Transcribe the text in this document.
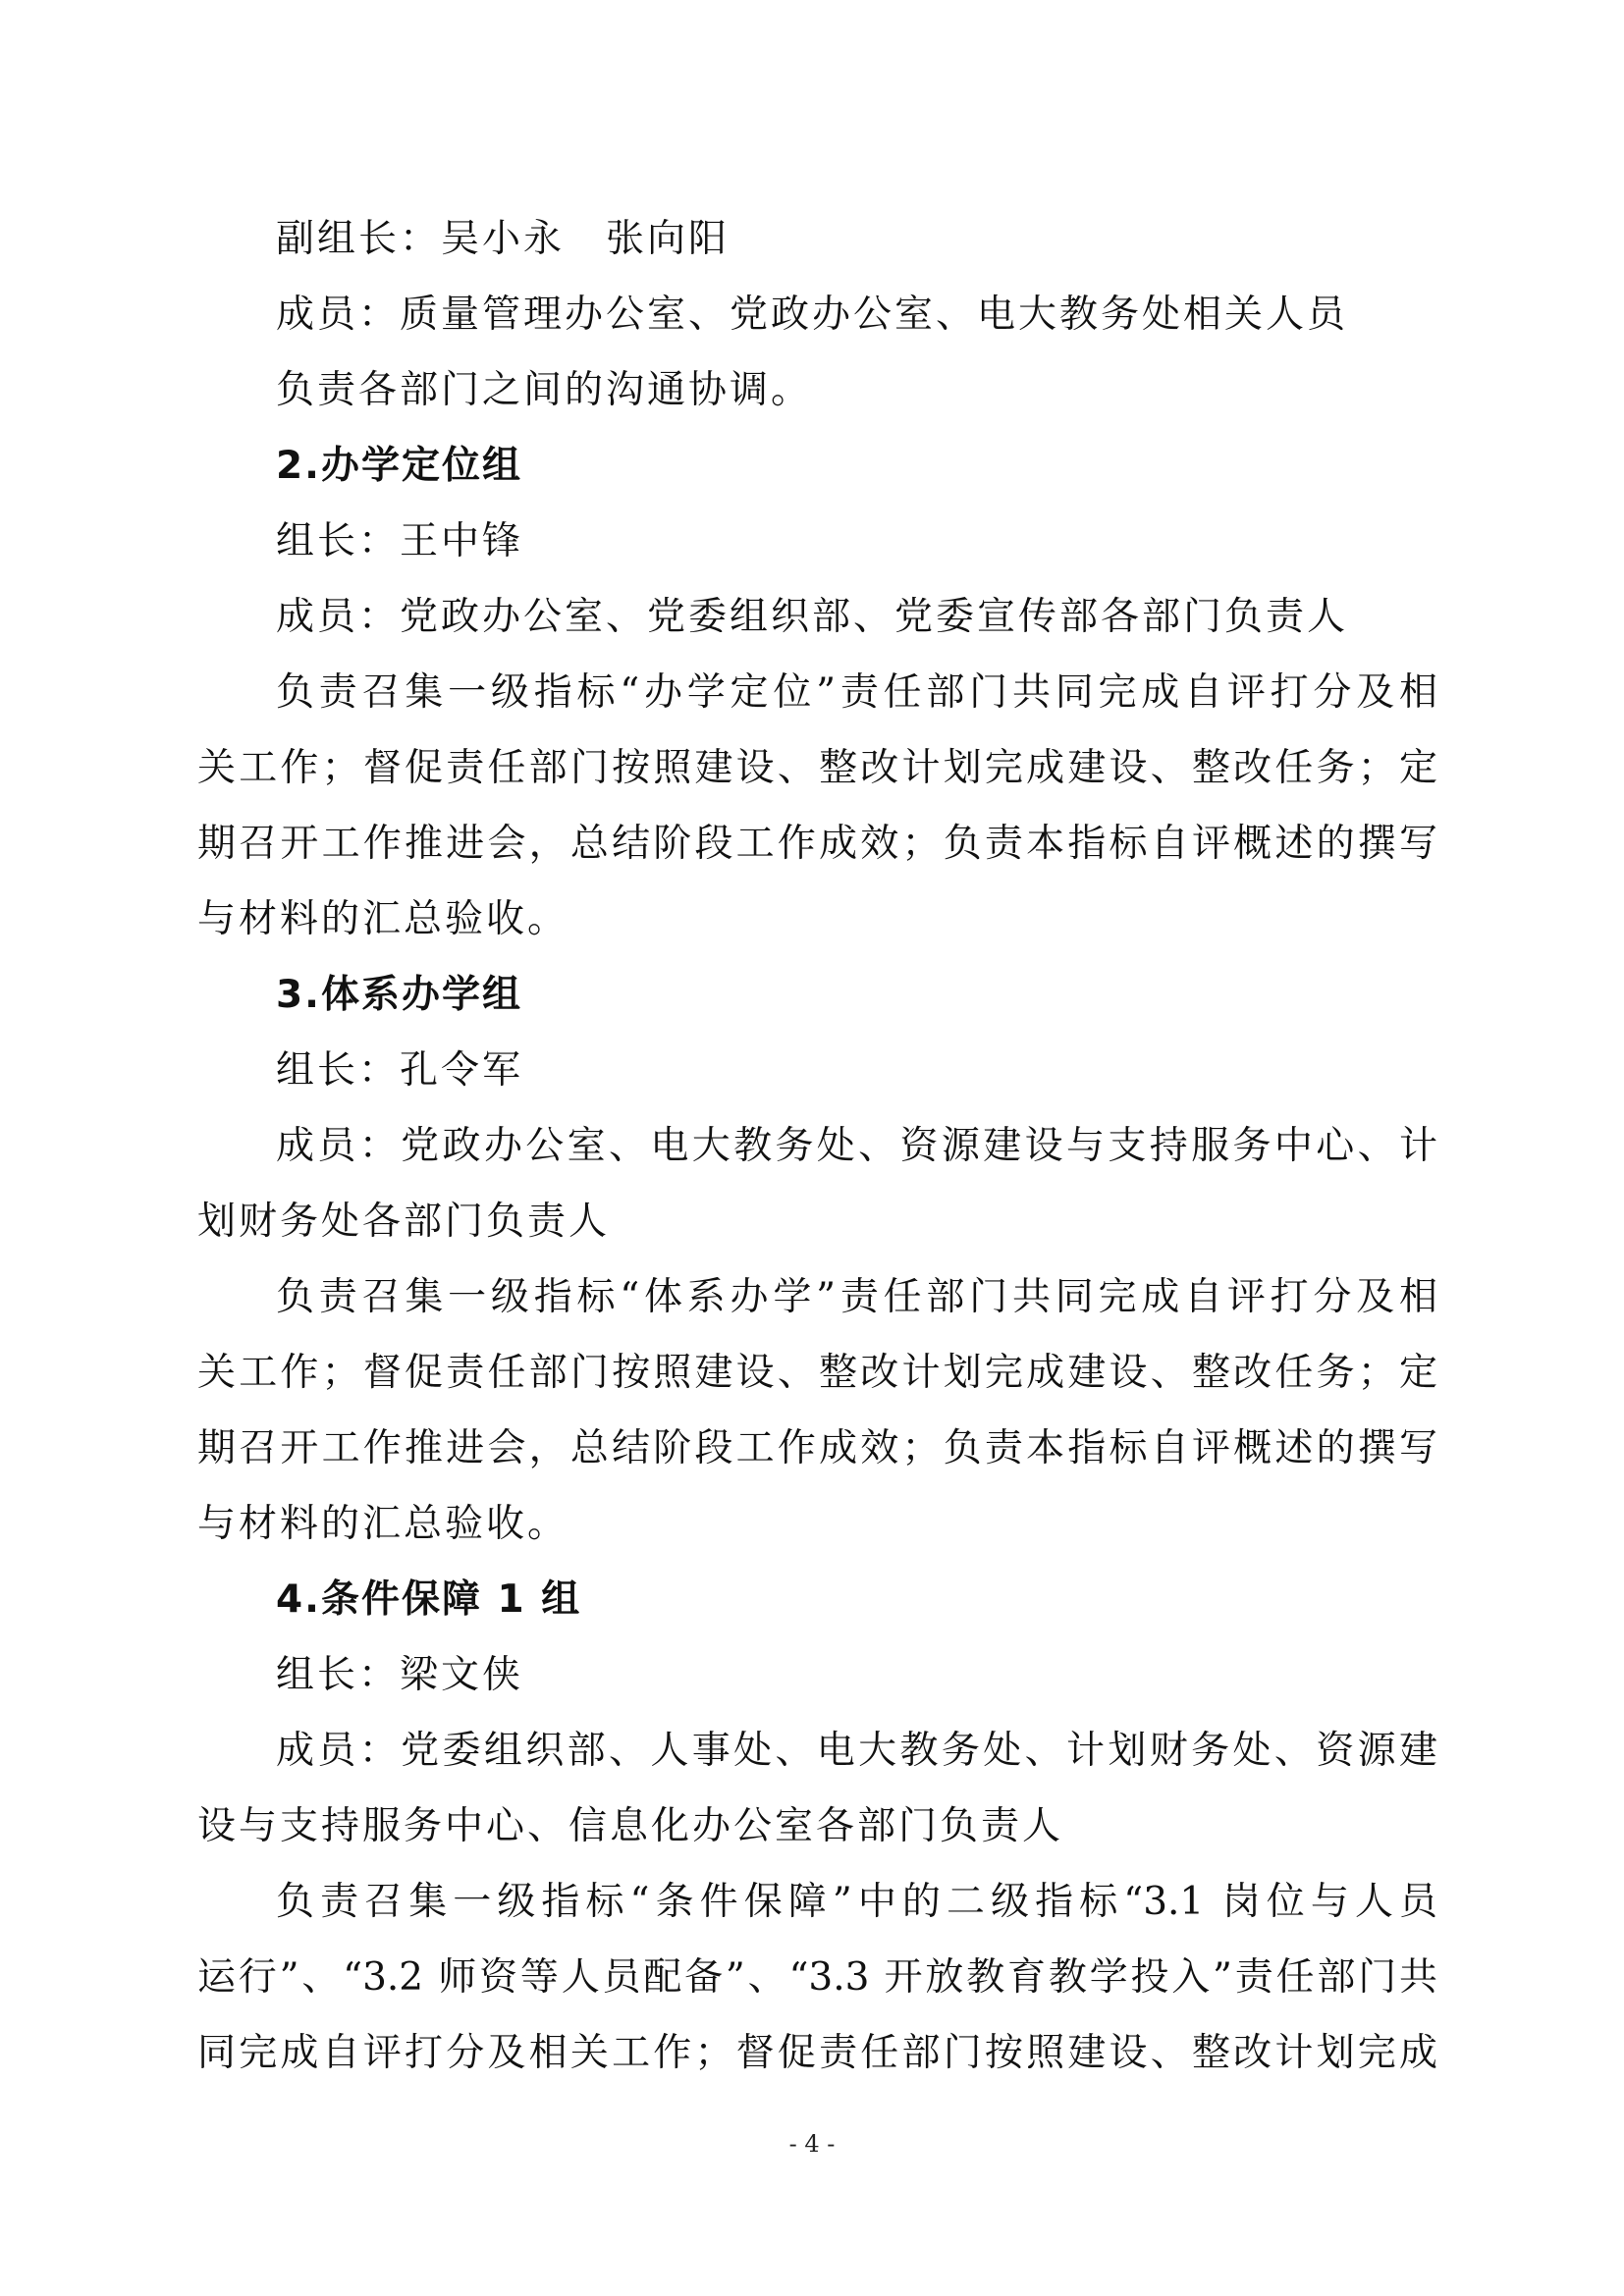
副组长：吴小永　张向阳
成员：质量管理办公室、党政办公室、电大教务处相关人员
负责各部门之间的沟通协调。
2.办学定位组
组长：王中锋
成员：党政办公室、党委组织部、党委宣传部各部门负责人
负责召集一级指标“办学定位”责任部门共同完成自评打分及相
关工作；督促责任部门按照建设、整改计划完成建设、整改任务；定
期召开工作推进会，总结阶段工作成效；负责本指标自评概述的撰写
与材料的汇总验收。
3.体系办学组
组长：孔令军
成员：党政办公室、电大教务处、资源建设与支持服务中心、计
划财务处各部门负责人
负责召集一级指标“体系办学”责任部门共同完成自评打分及相
关工作；督促责任部门按照建设、整改计划完成建设、整改任务；定
期召开工作推进会，总结阶段工作成效；负责本指标自评概述的撰写
与材料的汇总验收。
4.条件保障 1 组
组长：梁文侠
成员：党委组织部、人事处、电大教务处、计划财务处、资源建
设与支持服务中心、信息化办公室各部门负责人
负责召集一级指标“条件保障”中的二级指标“3.1 岗位与人员
运行”、“3.2 师资等人员配备”、“3.3 开放教育教学投入”责任部门共
同完成自评打分及相关工作；督促责任部门按照建设、整改计划完成
- 4 -
